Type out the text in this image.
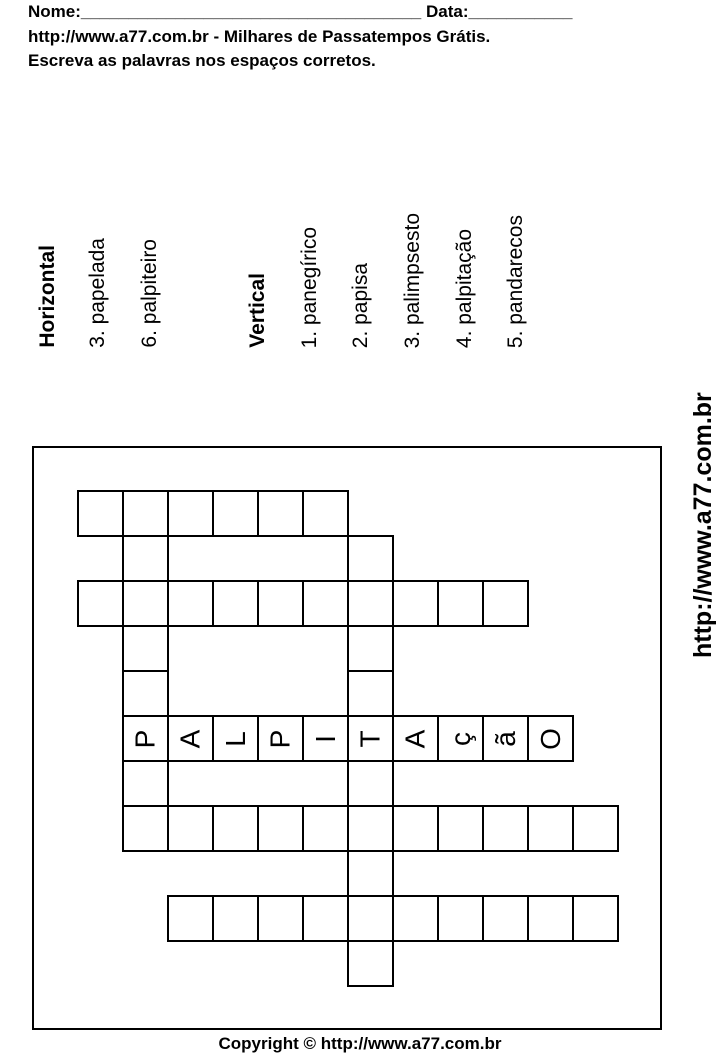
Nome:____________________________________ Data:___________
http://www.a77.com.br - Milhares de Passatempos Grátis.
Escreva as palavras nos espaços corretos.
Horizontal 3. papelada 6. palpiteiro	Vertical 1. panegírico 2. papisa 3. palimpsesto 4. palpitação 5. pandarecos
http://www.a77.com.br
P A L P I T A ç ã O
Copyright © http://www.a77.com.br
